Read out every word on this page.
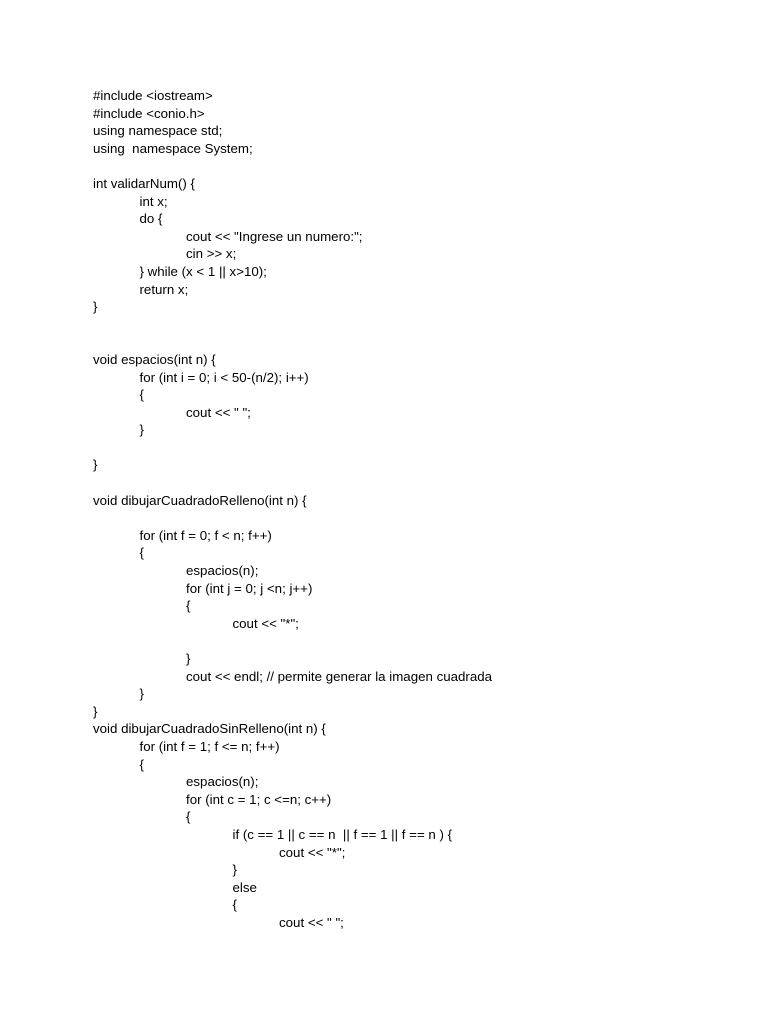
#include <iostream>
#include <conio.h>
using namespace std;
using  namespace System;
int validarNum() {
int x;
do {
cout << "Ingrese un numero:";
cin >> x;
} while (x < 1 || x>10);
return x;
}
void espacios(int n) {
for (int i = 0; i < 50-(n/2); i++)
{
cout << " ";
}
}
void dibujarCuadradoRelleno(int n) {
for (int f = 0; f < n; f++)
{
espacios(n);
for (int j = 0; j <n; j++)
{
cout << "*";
}
cout << endl; // permite generar la imagen cuadrada
}
}
void dibujarCuadradoSinRelleno(int n) {
for (int f = 1; f <= n; f++)
{
espacios(n);
for (int c = 1; c <=n; c++)
{
if (c == 1 || c == n  || f == 1 || f == n ) {
cout << "*";
}
else
{
cout << " ";
